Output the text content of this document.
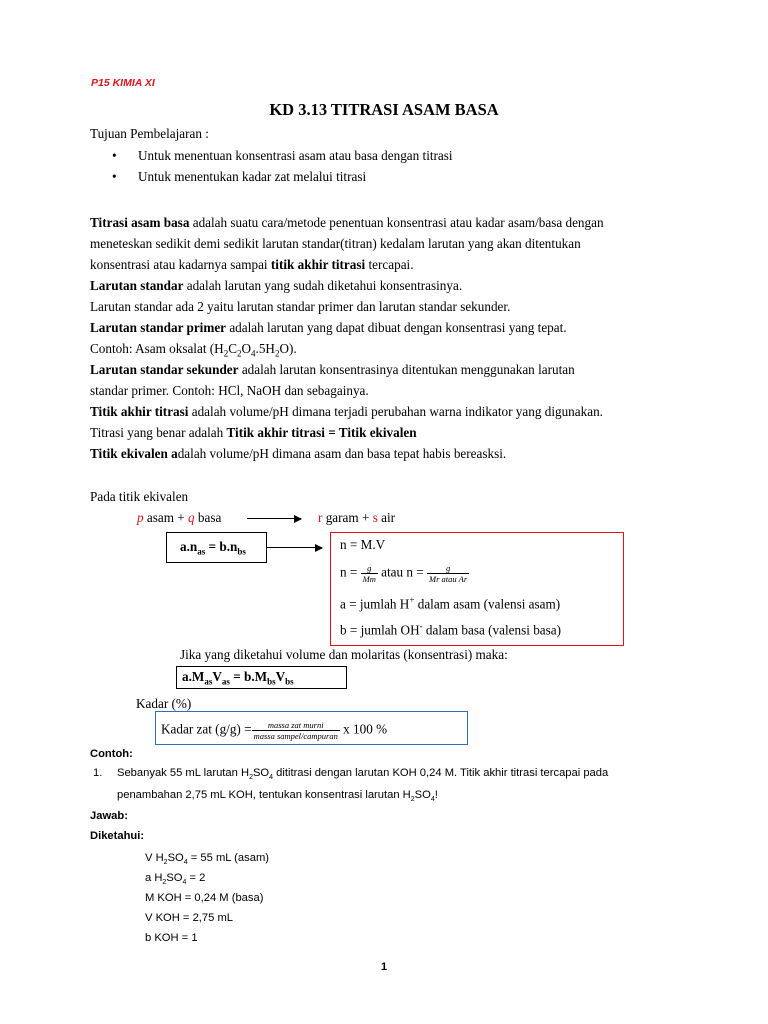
P15 KIMIA XI
KD 3.13 TITRASI ASAM BASA
Tujuan Pembelajaran :
• Untuk menentuan konsentrasi asam atau basa dengan titrasi
• Untuk menentukan kadar zat melalui titrasi
Titrasi asam basa adalah suatu cara/metode penentuan konsentrasi atau kadar asam/basa dengan
meneteskan sedikit demi sedikit larutan standar(titran) kedalam larutan yang akan ditentukan
konsentrasi atau kadarnya sampai titik akhir titrasi tercapai.
Larutan standar adalah larutan yang sudah diketahui konsentrasinya.
Larutan standar ada 2 yaitu larutan standar primer dan larutan standar sekunder.
Larutan standar primer adalah larutan yang dapat dibuat dengan konsentrasi yang tepat.
Contoh: Asam oksalat $(H_2C_2O_4.5H_2O)$.
Larutan standar sekunder adalah larutan konsentrasinya ditentukan menggunakan larutan
standar primer. Contoh: HCl, NaOH dan sebagainya.
Titik akhir titrasi adalah volume/pH dimana terjadi perubahan warna indikator yang digunakan.
Titrasi yang benar adalah Titik akhir titrasi = Titik ekivalen
Titik ekivalen adalah volume/pH dimana asam dan basa tepat habis bereasksi.
Pada titik ekivalen
p asam + q basa	r garam + s air
$a.n_{as} = b.n_{bs}$	n = M.V
$n = \frac{g}{Mm}$ atau $n = \frac{g}{\text{Mr atau Ar}}$
a = jumlah H+ dalam asam (valensi asam)
b = jumlah OH- dalam basa (valensi basa)
Jika yang diketahui volume dan molaritas (konsentrasi) maka:
$a.M_{as}V_{as} = b.M_{bs}V_{bs}$
Kadar (%)
Kadar zat $(g/g) = \frac{\text{massa zat murni}}{\text{massa sampel/campuran}}$ x 100 %
Contoh:
1. Sebanyak 55 mL larutan $H_2SO_4$ dititrasi dengan larutan KOH 0,24 M. Titik akhir titrasi tercapai pada
penambahan 2,75 mL KOH, tentukan konsentrasi larutan $H_2SO_4$!
Jawab:
Diketahui:
V $H_2SO_4 = 55$ mL (asam)
a $H_2SO_4 = 2$
M KOH = 0,24 M (basa)
V KOH = 2,75 mL
b KOH = 1
1
